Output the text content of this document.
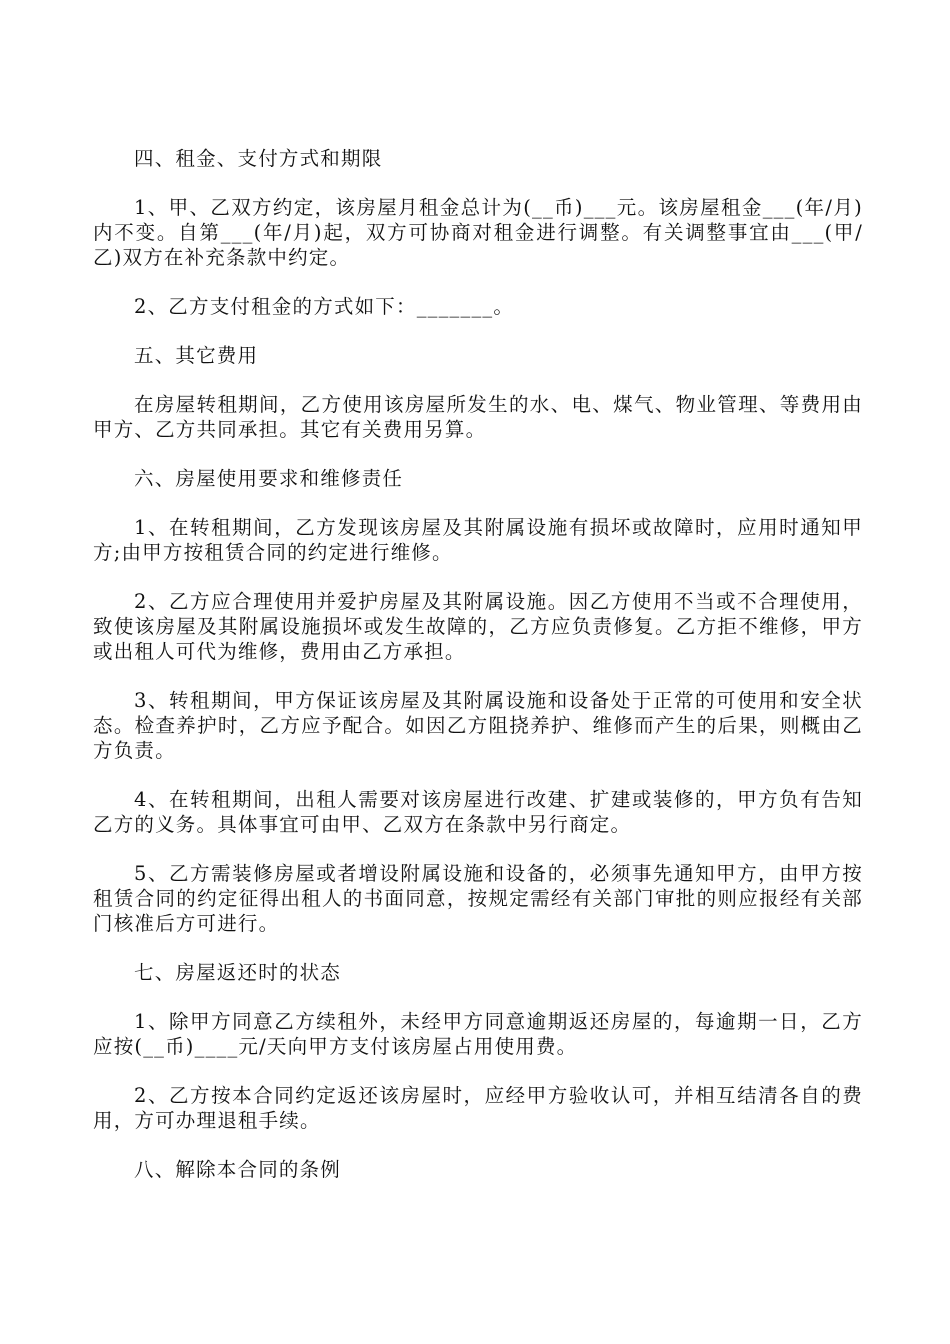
四、租金、支付方式和期限

1、甲、乙双方约定，该房屋月租金总计为(__币)___元。该房屋租金___(年/月)内不变。自第___(年/月)起，双方可协商对租金进行调整。有关调整事宜由___(甲/乙)双方在补充条款中约定。

2、乙方支付租金的方式如下：_______。

五、其它费用

在房屋转租期间，乙方使用该房屋所发生的水、电、煤气、物业管理、等费用由甲方、乙方共同承担。其它有关费用另算。

六、房屋使用要求和维修责任

1、在转租期间，乙方发现该房屋及其附属设施有损坏或故障时，应用时通知甲方;由甲方按租赁合同的约定进行维修。

2、乙方应合理使用并爱护房屋及其附属设施。因乙方使用不当或不合理使用，致使该房屋及其附属设施损坏或发生故障的，乙方应负责修复。乙方拒不维修，甲方或出租人可代为维修，费用由乙方承担。

3、转租期间，甲方保证该房屋及其附属设施和设备处于正常的可使用和安全状态。检查养护时，乙方应予配合。如因乙方阻挠养护、维修而产生的后果，则概由乙方负责。

4、在转租期间，出租人需要对该房屋进行改建、扩建或装修的，甲方负有告知乙方的义务。具体事宜可由甲、乙双方在条款中另行商定。

5、乙方需装修房屋或者增设附属设施和设备的，必须事先通知甲方，由甲方按租赁合同的约定征得出租人的书面同意，按规定需经有关部门审批的则应报经有关部门核准后方可进行。

七、房屋返还时的状态

1、除甲方同意乙方续租外，未经甲方同意逾期返还房屋的，每逾期一日，乙方应按(__币)____元/天向甲方支付该房屋占用使用费。

2、乙方按本合同约定返还该房屋时，应经甲方验收认可，并相互结清各自的费用，方可办理退租手续。

八、解除本合同的条例
